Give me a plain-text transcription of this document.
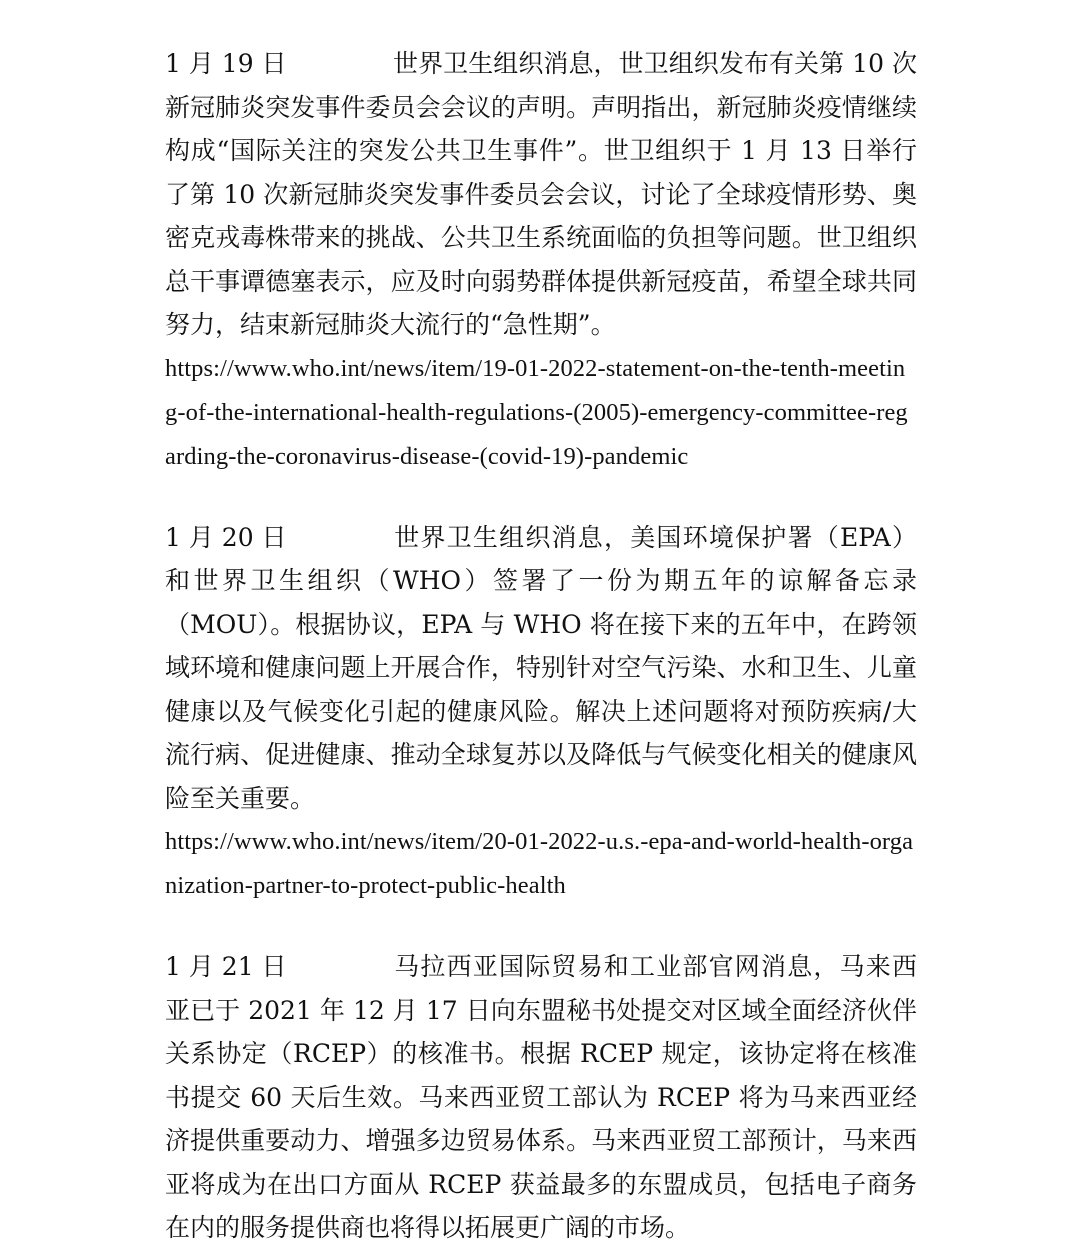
1 月 19 日	世界卫生组织消息，世卫组织发布有关第 10 次新冠肺炎突发事件委员会会议的声明。声明指出，新冠肺炎疫情继续构成“国际关注的突发公共卫生事件”。世卫组织于 1 月 13 日举行了第 10 次新冠肺炎突发事件委员会会议，讨论了全球疫情形势、奥密克戎毒株带来的挑战、公共卫生系统面临的负担等问题。世卫组织总干事谭德塞表示，应及时向弱势群体提供新冠疫苗，希望全球共同努力，结束新冠肺炎大流行的“急性期”。

https://www.who.int/news/item/19-01-2022-statement-on-the-tenth-meeting-of-the-international-health-regulations-(2005)-emergency-committee-regarding-the-coronavirus-disease-(covid-19)-pandemic

1 月 20 日	世界卫生组织消息，美国环境保护署（EPA）和世界卫生组织（WHO）签署了一份为期五年的谅解备忘录（MOU）。根据协议，EPA 与 WHO 将在接下来的五年中，在跨领域环境和健康问题上开展合作，特别针对空气污染、水和卫生、儿童健康以及气候变化引起的健康风险。解决上述问题将对预防疾病/大流行病、促进健康、推动全球复苏以及降低与气候变化相关的健康风险至关重要。

https://www.who.int/news/item/20-01-2022-u.s.-epa-and-world-health-organization-partner-to-protect-public-health

1 月 21 日	马拉西亚国际贸易和工业部官网消息，马来西亚已于 2021 年 12 月 17 日向东盟秘书处提交对区域全面经济伙伴关系协定（RCEP）的核准书。根据 RCEP 规定，该协定将在核准书提交 60 天后生效。马来西亚贸工部认为 RCEP 将为马来西亚经济提供重要动力、增强多边贸易体系。马来西亚贸工部预计，马来西亚将成为在出口方面从 RCEP 获益最多的东盟成员，包括电子商务在内的服务提供商也将得以拓展更广阔的市场。
